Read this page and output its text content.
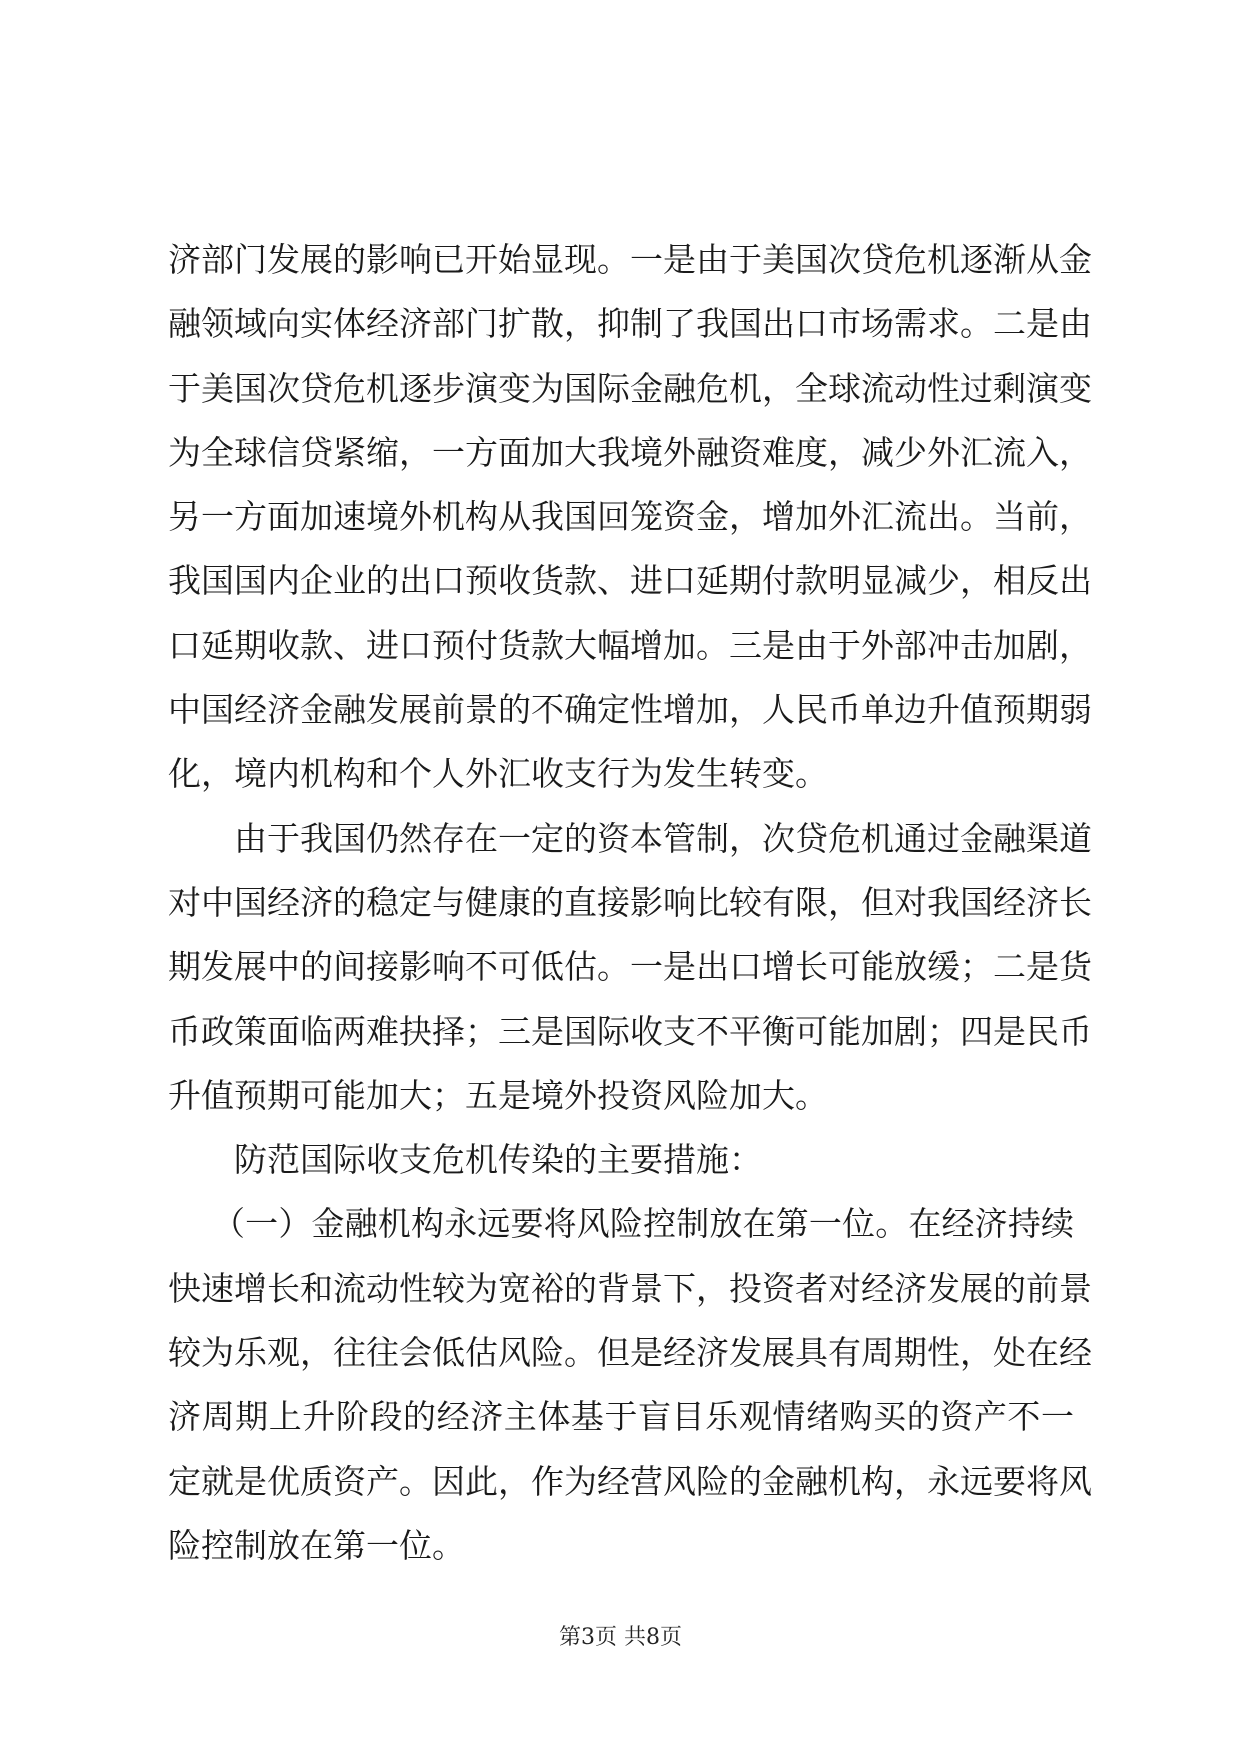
济部门发展的影响已开始显现。一是由于美国次贷危机逐渐从金
融领域向实体经济部门扩散，抑制了我国出口市场需求。二是由
于美国次贷危机逐步演变为国际金融危机，全球流动性过剩演变
为全球信贷紧缩，一方面加大我境外融资难度，减少外汇流入，
另一方面加速境外机构从我国回笼资金，增加外汇流出。当前，
我国国内企业的出口预收货款、进口延期付款明显减少，相反出
口延期收款、进口预付货款大幅增加。三是由于外部冲击加剧，
中国经济金融发展前景的不确定性增加，人民币单边升值预期弱
化，境内机构和个人外汇收支行为发生转变。
由于我国仍然存在一定的资本管制，次贷危机通过金融渠道
对中国经济的稳定与健康的直接影响比较有限，但对我国经济长
期发展中的间接影响不可低估。一是出口增长可能放缓；二是货
币政策面临两难抉择；三是国际收支不平衡可能加剧；四是民币
升值预期可能加大；五是境外投资风险加大。
防范国际收支危机传染的主要措施：
（一）金融机构永远要将风险控制放在第一位。在经济持续
快速增长和流动性较为宽裕的背景下，投资者对经济发展的前景
较为乐观，往往会低估风险。但是经济发展具有周期性，处在经
济周期上升阶段的经济主体基于盲目乐观情绪购买的资产不一
定就是优质资产。因此，作为经营风险的金融机构，永远要将风
险控制放在第一位。
第3页 共8页
